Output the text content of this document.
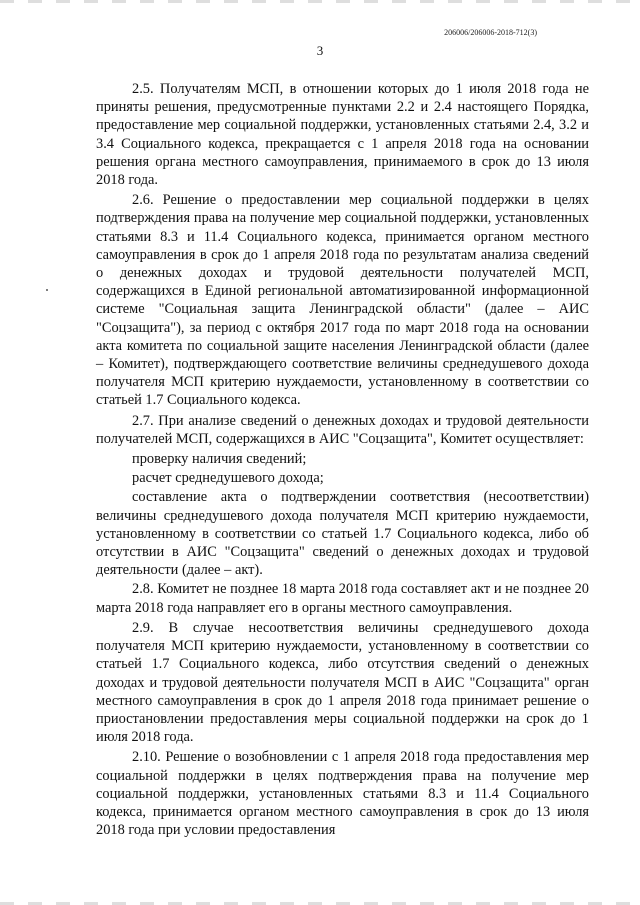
206006/206006-2018-712(3)
3

2.5. Получателям МСП, в отношении которых до 1 июля 2018 года не приняты решения, предусмотренные пунктами 2.2 и 2.4 настоящего Порядка, предоставление мер социальной поддержки, установленных статьями 2.4, 3.2 и 3.4 Социального кодекса, прекращается с 1 апреля 2018 года на основании решения органа местного самоуправления, принимаемого в срок до 13 июля 2018 года.

2.6. Решение о предоставлении мер социальной поддержки в целях подтверждения права на получение мер социальной поддержки, установленных статьями 8.3 и 11.4 Социального кодекса, принимается органом местного самоуправления в срок до 1 апреля 2018 года по результатам анализа сведений о денежных доходах и трудовой деятельности получателей МСП, содержащихся в Единой региональной автоматизированной информационной системе "Социальная защита Ленинградской области" (далее – АИС "Соцзащита"), за период с октября 2017 года по март 2018 года на основании акта комитета по социальной защите населения Ленинградской области (далее – Комитет), подтверждающего соответствие величины среднедушевого дохода получателя МСП критерию нуждаемости, установленному в соответствии со статьей 1.7 Социального кодекса.

2.7. При анализе сведений о денежных доходах и трудовой деятельности получателей МСП, содержащихся в АИС "Соцзащита", Комитет осуществляет:

проверку наличия сведений;

расчет среднедушевого дохода;

составление акта о подтверждении соответствия (несоответствии) величины среднедушевого дохода получателя МСП критерию нуждаемости, установленному в соответствии со статьей 1.7 Социального кодекса, либо об отсутствии в АИС "Соцзащита" сведений о денежных доходах и трудовой деятельности (далее – акт).

2.8. Комитет не позднее 18 марта 2018 года составляет акт и не позднее 20 марта 2018 года направляет его в органы местного самоуправления.

2.9. В случае несоответствия величины среднедушевого дохода получателя МСП критерию нуждаемости, установленному в соответствии со статьей 1.7 Социального кодекса, либо отсутствия сведений о денежных доходах и трудовой деятельности получателя МСП в АИС "Соцзащита" орган местного самоуправления в срок до 1 апреля 2018 года принимает решение о приостановлении предоставления меры социальной поддержки на срок до 1 июля 2018 года.

2.10. Решение о возобновлении с 1 апреля 2018 года предоставления мер социальной поддержки в целях подтверждения права на получение мер социальной поддержки, установленных статьями 8.3 и 11.4 Социального кодекса, принимается органом местного самоуправления в срок до 13 июля 2018 года при условии предоставления
